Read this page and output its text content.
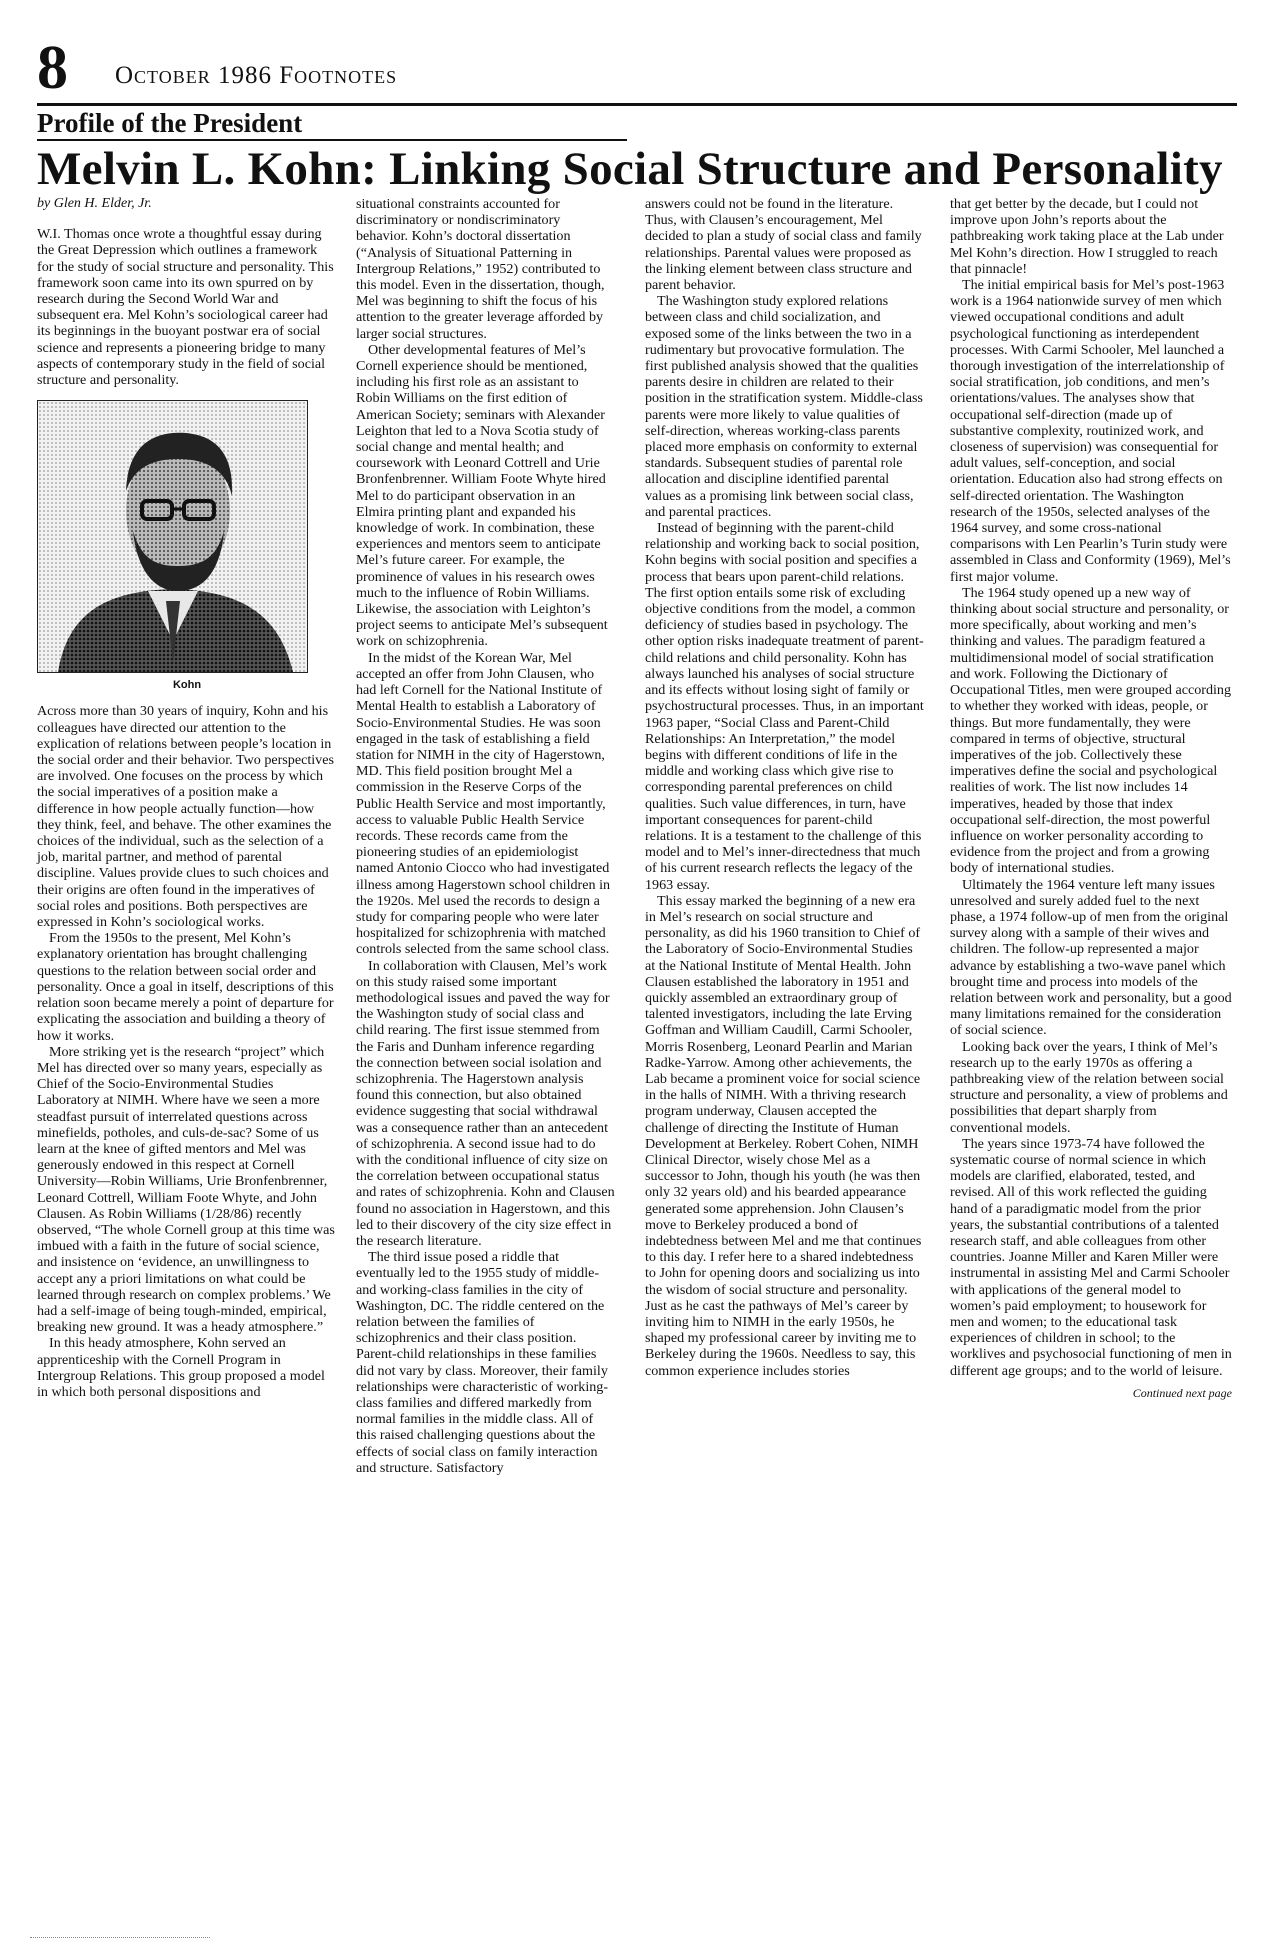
8 October 1986 Footnotes
Profile of the President
Melvin L. Kohn: Linking Social Structure and Personality
by Glen H. Elder, Jr.

W.I. Thomas once wrote a thoughtful essay during the Great Depression which outlines a framework for the study of social structure and personality. This framework soon came into its own spurred on by research during the Second World War and subsequent era. Mel Kohn’s sociological career had its beginnings in the buoyant postwar era of social science and represents a pioneering bridge to many aspects of contemporary study in the field of social structure and personality.

Kohn

Across more than 30 years of inquiry, Kohn and his colleagues have directed our attention to the explication of relations between people’s location in the social order and their behavior. Two perspectives are involved. One focuses on the process by which the social imperatives of a position make a difference in how people actually function—how they think, feel, and behave. The other examines the choices of the individual, such as the selection of a job, marital partner, and method of parental discipline. Values provide clues to such choices and their origins are often found in the imperatives of social roles and positions. Both perspectives are expressed in Kohn’s sociological works.

From the 1950s to the present, Mel Kohn’s explanatory orientation has brought challenging questions to the relation between social order and personality. Once a goal in itself, descriptions of this relation soon became merely a point of departure for explicating the association and building a theory of how it works.

More striking yet is the research “project” which Mel has directed over so many years, especially as Chief of the Socio-Environmental Studies Laboratory at NIMH. Where have we seen a more steadfast pursuit of interrelated questions across minefields, potholes, and culs-de-sac? Some of us learn at the knee of gifted mentors and Mel was generously endowed in this respect at Cornell University—Robin Williams, Urie Bronfenbrenner, Leonard Cottrell, William Foote Whyte, and John Clausen. As Robin Williams (1/28/86) recently observed, “The whole Cornell group at this time was imbued with a faith in the future of social science, and insistence on ‘evidence, an unwillingness to accept any a priori limitations on what could be learned through research on complex problems.’ We had a self-image of being tough-minded, empirical, breaking new ground. It was a heady atmosphere.”

In this heady atmosphere, Kohn served an apprenticeship with the Cornell Program in Intergroup Relations. This group proposed a model in which both personal dispositions and

situational constraints accounted for discriminatory or nondiscriminatory behavior. Kohn’s doctoral dissertation (“Analysis of Situational Patterning in Intergroup Relations,” 1952) contributed to this model. Even in the dissertation, though, Mel was beginning to shift the focus of his attention to the greater leverage afforded by larger social structures.

Other developmental features of Mel’s Cornell experience should be mentioned, including his first role as an assistant to Robin Williams on the first edition of American Society; seminars with Alexander Leighton that led to a Nova Scotia study of social change and mental health; and coursework with Leonard Cottrell and Urie Bronfenbrenner. William Foote Whyte hired Mel to do participant observation in an Elmira printing plant and expanded his knowledge of work. In combination, these experiences and mentors seem to anticipate Mel’s future career. For example, the prominence of values in his research owes much to the influence of Robin Williams. Likewise, the association with Leighton’s project seems to anticipate Mel’s subsequent work on schizophrenia.

In the midst of the Korean War, Mel accepted an offer from John Clausen, who had left Cornell for the National Institute of Mental Health to establish a Laboratory of Socio-Environmental Studies. He was soon engaged in the task of establishing a field station for NIMH in the city of Hagerstown, MD. This field position brought Mel a commission in the Reserve Corps of the Public Health Service and most importantly, access to valuable Public Health Service records. These records came from the pioneering studies of an epidemiologist named Antonio Ciocco who had investigated illness among Hagerstown school children in the 1920s. Mel used the records to design a study for comparing people who were later hospitalized for schizophrenia with matched controls selected from the same school class.

In collaboration with Clausen, Mel’s work on this study raised some important methodological issues and paved the way for the Washington study of social class and child rearing. The first issue stemmed from the Faris and Dunham inference regarding the connection between social isolation and schizophrenia. The Hagerstown analysis found this connection, but also obtained evidence suggesting that social withdrawal was a consequence rather than an antecedent of schizophrenia. A second issue had to do with the conditional influence of city size on the correlation between occupational status and rates of schizophrenia. Kohn and Clausen found no association in Hagerstown, and this led to their discovery of the city size effect in the research literature.

The third issue posed a riddle that eventually led to the 1955 study of middle- and working-class families in the city of Washington, DC. The riddle centered on the relation between the families of schizophrenics and their class position. Parent-child relationships in these families did not vary by class. Moreover, their family relationships were characteristic of working-class families and differed markedly from normal families in the middle class. All of this raised challenging questions about the effects of social class on family interaction and structure. Satisfactory

answers could not be found in the literature. Thus, with Clausen’s encouragement, Mel decided to plan a study of social class and family relationships. Parental values were proposed as the linking element between class structure and parent behavior.

The Washington study explored relations between class and child socialization, and exposed some of the links between the two in a rudimentary but provocative formulation. The first published analysis showed that the qualities parents desire in children are related to their position in the stratification system. Middle-class parents were more likely to value qualities of self-direction, whereas working-class parents placed more emphasis on conformity to external standards. Subsequent studies of parental role allocation and discipline identified parental values as a promising link between social class, and parental practices.

Instead of beginning with the parent-child relationship and working back to social position, Kohn begins with social position and specifies a process that bears upon parent-child relations. The first option entails some risk of excluding objective conditions from the model, a common deficiency of studies based in psychology. The other option risks inadequate treatment of parent-child relations and child personality. Kohn has always launched his analyses of social structure and its effects without losing sight of family or psychostructural processes. Thus, in an important 1963 paper, “Social Class and Parent-Child Relationships: An Interpretation,” the model begins with different conditions of life in the middle and working class which give rise to corresponding parental preferences on child qualities. Such value differences, in turn, have important consequences for parent-child relations. It is a testament to the challenge of this model and to Mel’s inner-directedness that much of his current research reflects the legacy of the 1963 essay.

This essay marked the beginning of a new era in Mel’s research on social structure and personality, as did his 1960 transition to Chief of the Laboratory of Socio-Environmental Studies at the National Institute of Mental Health. John Clausen established the laboratory in 1951 and quickly assembled an extraordinary group of talented investigators, including the late Erving Goffman and William Caudill, Carmi Schooler, Morris Rosenberg, Leonard Pearlin and Marian Radke-Yarrow. Among other achievements, the Lab became a prominent voice for social science in the halls of NIMH. With a thriving research program underway, Clausen accepted the challenge of directing the Institute of Human Development at Berkeley. Robert Cohen, NIMH Clinical Director, wisely chose Mel as a successor to John, though his youth (he was then only 32 years old) and his bearded appearance generated some apprehension. John Clausen’s move to Berkeley produced a bond of indebtedness between Mel and me that continues to this day. I refer here to a shared indebtedness to John for opening doors and socializing us into the wisdom of social structure and personality. Just as he cast the pathways of Mel’s career by inviting him to NIMH in the early 1950s, he shaped my professional career by inviting me to Berkeley during the 1960s. Needless to say, this common experience includes stories

that get better by the decade, but I could not improve upon John’s reports about the pathbreaking work taking place at the Lab under Mel Kohn’s direction. How I struggled to reach that pinnacle!

The initial empirical basis for Mel’s post-1963 work is a 1964 nationwide survey of men which viewed occupational conditions and adult psychological functioning as interdependent processes. With Carmi Schooler, Mel launched a thorough investigation of the interrelationship of social stratification, job conditions, and men’s orientations/values. The analyses show that occupational self-direction (made up of substantive complexity, routinized work, and closeness of supervision) was consequential for adult values, self-conception, and social orientation. Education also had strong effects on self-directed orientation. The Washington research of the 1950s, selected analyses of the 1964 survey, and some cross-national comparisons with Len Pearlin’s Turin study were assembled in Class and Conformity (1969), Mel’s first major volume.

The 1964 study opened up a new way of thinking about social structure and personality, or more specifically, about working and men’s thinking and values. The paradigm featured a multidimensional model of social stratification and work. Following the Dictionary of Occupational Titles, men were grouped according to whether they worked with ideas, people, or things. But more fundamentally, they were compared in terms of objective, structural imperatives of the job. Collectively these imperatives define the social and psychological realities of work. The list now includes 14 imperatives, headed by those that index occupational self-direction, the most powerful influence on worker personality according to evidence from the project and from a growing body of international studies.

Ultimately the 1964 venture left many issues unresolved and surely added fuel to the next phase, a 1974 follow-up of men from the original survey along with a sample of their wives and children. The follow-up represented a major advance by establishing a two-wave panel which brought time and process into models of the relation between work and personality, but a good many limitations remained for the consideration of social science.

Looking back over the years, I think of Mel’s research up to the early 1970s as offering a pathbreaking view of the relation between social structure and personality, a view of problems and possibilities that depart sharply from conventional models.

The years since 1973-74 have followed the systematic course of normal science in which models are clarified, elaborated, tested, and revised. All of this work reflected the guiding hand of a paradigmatic model from the prior years, the substantial contributions of a talented research staff, and able colleagues from other countries. Joanne Miller and Karen Miller were instrumental in assisting Mel and Carmi Schooler with applications of the general model to women’s paid employment; to housework for men and women; to the educational task experiences of children in school; to the worklives and psychosocial functioning of men in different age groups; and to the world of leisure.

Continued next page
